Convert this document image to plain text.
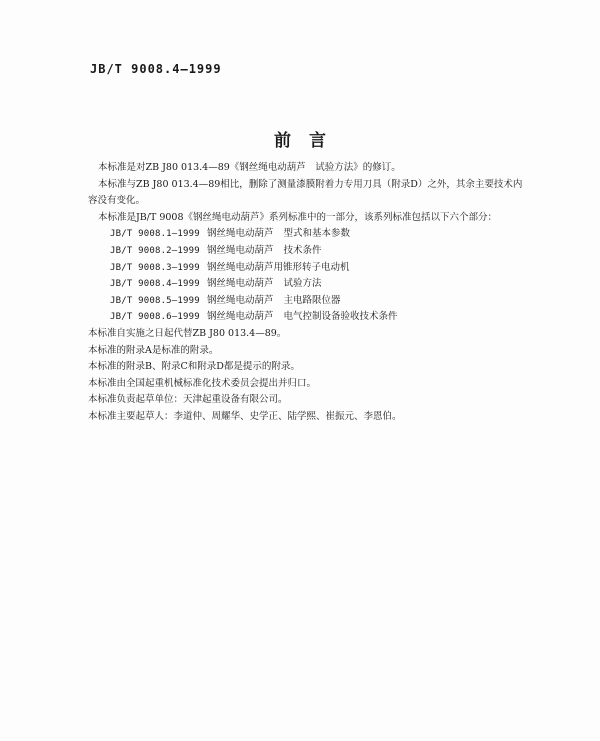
JB/T 9008.4—1999
前言

本标准是对ZB J80 013.4—89《钢丝绳电动葫芦　试验方法》的修订。

本标准与ZB J80 013.4—89相比，删除了测量漆膜附着力专用刀具（附录D）之外，其余主要技术内

容没有变化。

本标准是JB/T 9008《钢丝绳电动葫芦》系列标准中的一部分，该系列标准包括以下六个部分：

JB/T 9008.1—1999 钢丝绳电动葫芦 型式和基本参数
JB/T 9008.2—1999 钢丝绳电动葫芦 技术条件
JB/T 9008.3—1999 钢丝绳电动葫芦 用锥形转子电动机
JB/T 9008.4—1999 钢丝绳电动葫芦 试验方法
JB/T 9008.5—1999 钢丝绳电动葫芦 主电路限位器
JB/T 9008.6—1999 钢丝绳电动葫芦 电气控制设备验收技术条件

本标准自实施之日起代替ZB J80 013.4—89。

本标准的附录A是标准的附录。

本标准的附录B、附录C和附录D都是提示的附录。

本标准由全国起重机械标准化技术委员会提出并归口。

本标准负责起草单位：天津起重设备有限公司。

本标准主要起草人：李道仲、周耀华、史学正、陆学熙、崔振元、李恩伯。
